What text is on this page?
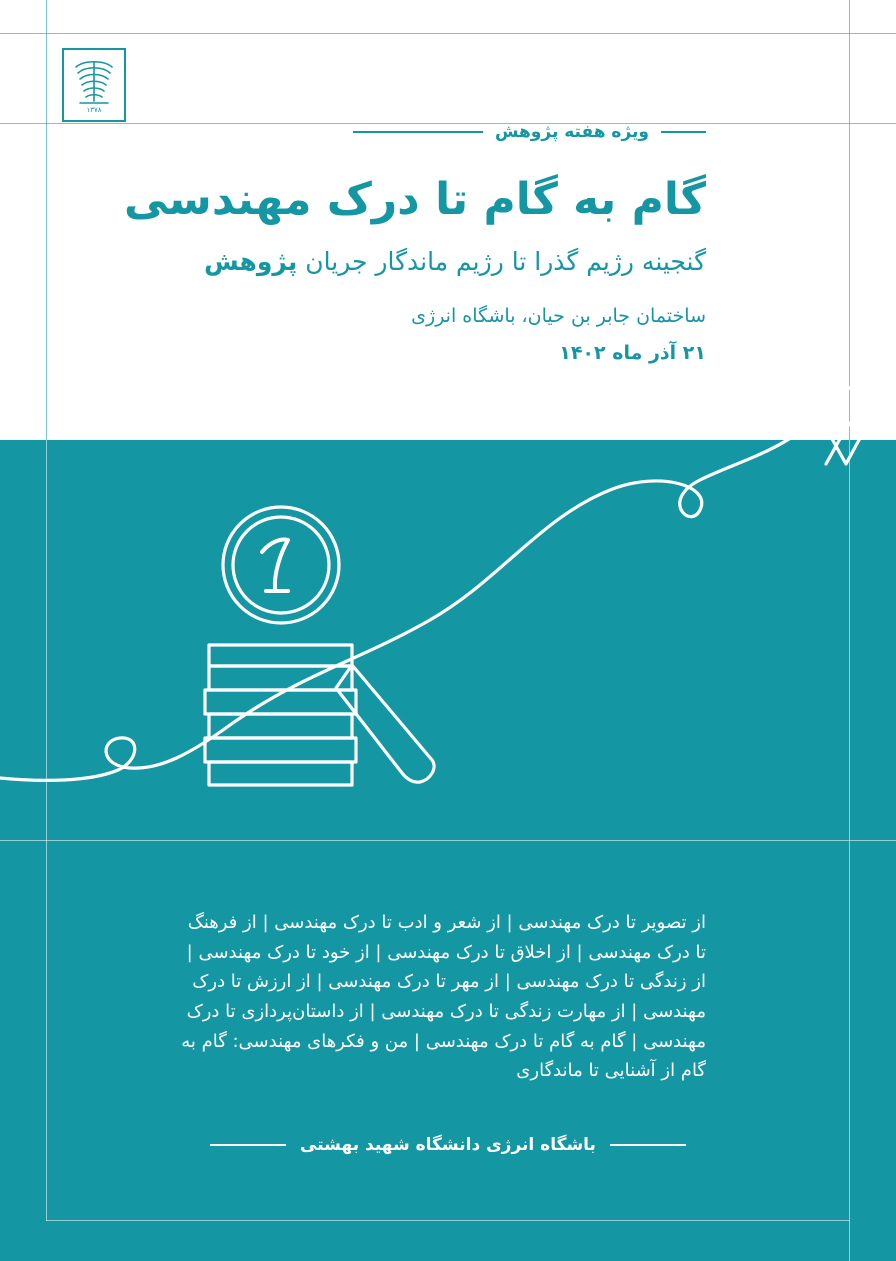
۱۳۷۸
ویژه هفته پژوهش
گام به گام تا درک مهندسی
گنجینه رژیم گذرا تا رژیم ماندگار جریان پژوهش
ساختمان جابر بن حیان، باشگاه انرژی
۲۱ آذر ماه ۱۴۰۲
از تصویر تا درک مهندسی | از شعر و ادب تا درک مهندسی | از فرهنگ تا درک مهندسی | از اخلاق تا درک مهندسی | از خود تا درک مهندسی | از زندگی تا درک مهندسی | از مهر تا درک مهندسی | از ارزش تا درک مهندسی | از مهارت زندگی تا درک مهندسی | از داستان‌پردازی تا درک مهندسی | گام به گام تا درک مهندسی | من و فکرهای مهندسی: گام به گام از آشنایی تا ماندگاری
باشگاه انرژی دانشگاه شهید بهشتی
